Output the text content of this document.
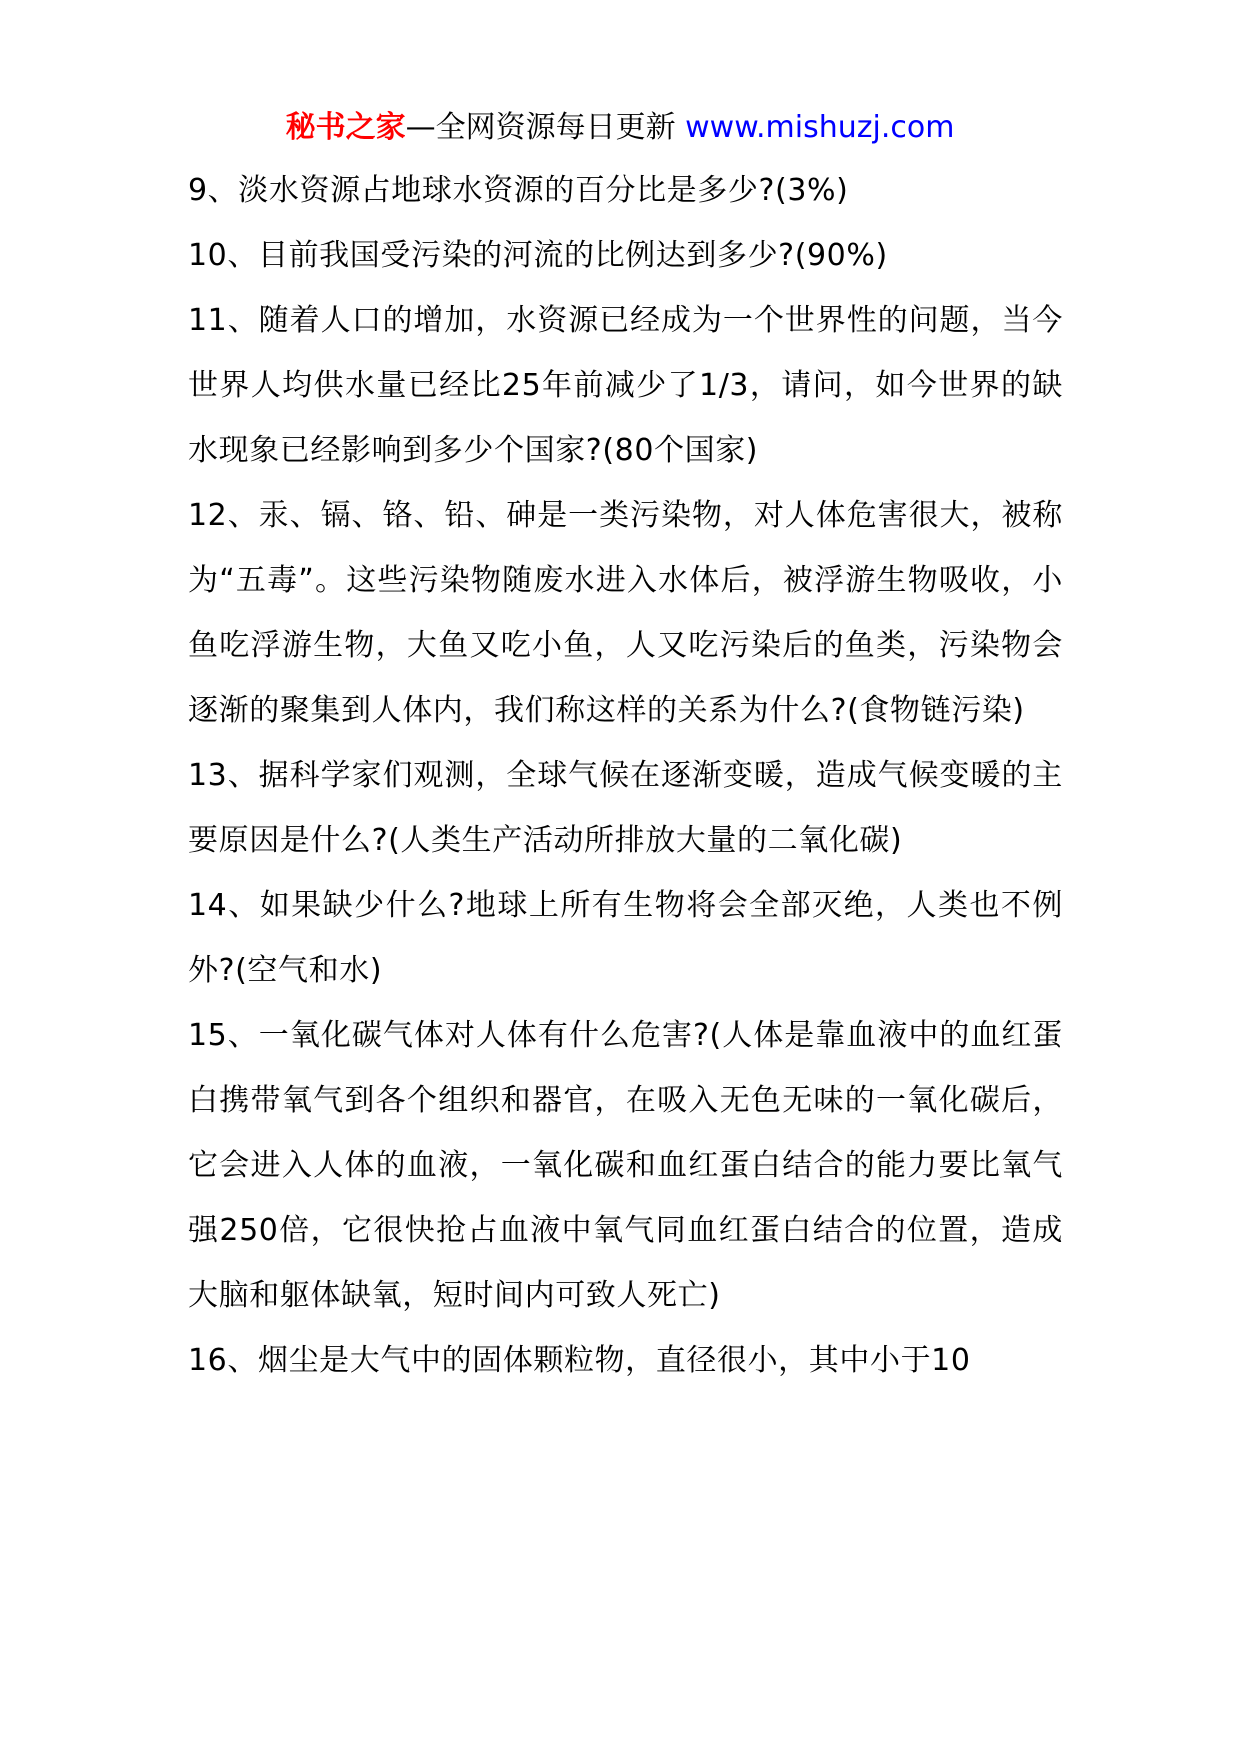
秘书之家—全网资源每日更新 www.mishuzj.com

9、淡水资源占地球水资源的百分比是多少?(3%)

10、目前我国受污染的河流的比例达到多少?(90%)

11、随着人口的增加，水资源已经成为一个世界性的问题，当今世界人均供水量已经比25年前减少了1/3，请问，如今世界的缺水现象已经影响到多少个国家?(80个国家)

12、汞、镉、铬、铅、砷是一类污染物，对人体危害很大，被称为“五毒”。这些污染物随废水进入水体后，被浮游生物吸收，小鱼吃浮游生物，大鱼又吃小鱼，人又吃污染后的鱼类，污染物会逐渐的聚集到人体内，我们称这样的关系为什么?(食物链污染)

13、据科学家们观测，全球气候在逐渐变暖，造成气候变暖的主要原因是什么?(人类生产活动所排放大量的二氧化碳)

14、如果缺少什么?地球上所有生物将会全部灭绝，人类也不例外?(空气和水)

15、一氧化碳气体对人体有什么危害?(人体是靠血液中的血红蛋白携带氧气到各个组织和器官，在吸入无色无味的一氧化碳后，它会进入人体的血液，一氧化碳和血红蛋白结合的能力要比氧气强250倍，它很快抢占血液中氧气同血红蛋白结合的位置，造成大脑和躯体缺氧，短时间内可致人死亡)

16、烟尘是大气中的固体颗粒物，直径很小，其中小于10
